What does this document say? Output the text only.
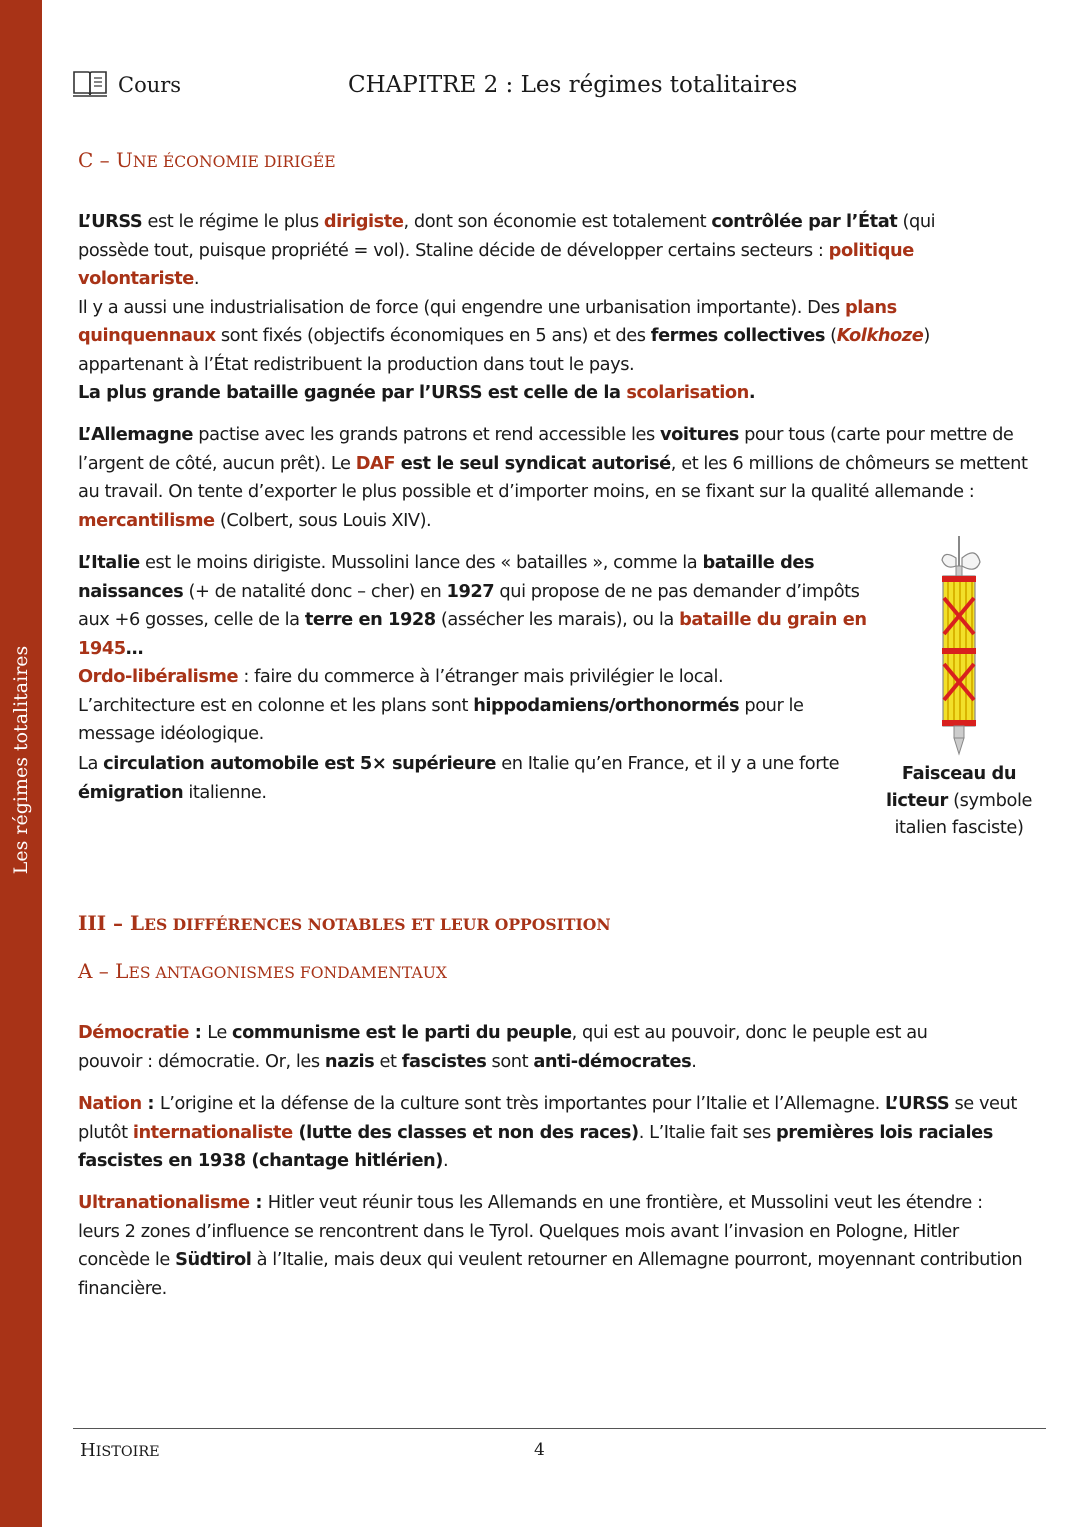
Les régimes totalitaires
Cours	CHAPITRE 2 : Les régimes totalitaires
C – UNE ÉCONOMIE DIRIGÉE

L’URSS est le régime le plus dirigiste, dont son économie est totalement contrôlée par l’État (qui possède tout, puisque propriété = vol). Staline décide de développer certains secteurs : politique volontariste.
Il y a aussi une industrialisation de force (qui engendre une urbanisation importante). Des plans quinquennaux sont fixés (objectifs économiques en 5 ans) et des fermes collectives (Kolkhoze)
appartenant à l’État redistribuent la production dans tout le pays.
La plus grande bataille gagnée par l’URSS est celle de la scolarisation.

L’Allemagne pactise avec les grands patrons et rend accessible les voitures pour tous (carte pour mettre de l’argent de côté, aucun prêt). Le DAF est le seul syndicat autorisé, et les 6 millions de chômeurs se mettent au travail. On tente d’exporter le plus possible et d’importer moins, en se fixant sur la qualité allemande : mercantilisme (Colbert, sous Louis XIV).

L’Italie est le moins dirigiste. Mussolini lance des « batailles », comme la bataille des naissances (+ de natalité donc – cher) en 1927 qui propose de ne pas demander d’impôts aux +6 gosses, celle de la terre en 1928 (assécher les marais), ou la bataille du grain en 1945…
Ordo-libéralisme : faire du commerce à l’étranger mais privilégier le local.
L’architecture est en colonne et les plans sont hippodamiens/orthonormés pour le message idéologique.

La circulation automobile est 5× supérieure en Italie qu’en France, et il y a une forte émigration italienne.

Faisceau du licteur (symbole italien fasciste)
III – LES DIFFÉRENCES NOTABLES ET LEUR OPPOSITION
A – LES ANTAGONISMES FONDAMENTAUX

Démocratie : Le communisme est le parti du peuple, qui est au pouvoir, donc le peuple est au pouvoir : démocratie. Or, les nazis et fascistes sont anti-démocrates.

Nation : L’origine et la défense de la culture sont très importantes pour l’Italie et l’Allemagne. L’URSS se veut plutôt internationaliste (lutte des classes et non des races). L’Italie fait ses premières lois raciales fascistes en 1938 (chantage hitlérien).

Ultranationalisme : Hitler veut réunir tous les Allemands en une frontière, et Mussolini veut les étendre : leurs 2 zones d’influence se rencontrent dans le Tyrol. Quelques mois avant l’invasion en Pologne, Hitler concède le Südtirol à l’Italie, mais deux qui veulent retourner en Allemagne pourront, moyennant contribution financière.

HISTOIRE	4
